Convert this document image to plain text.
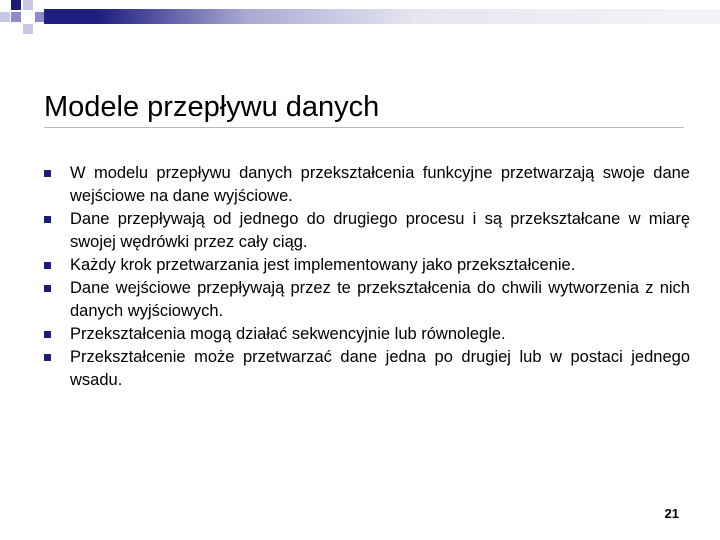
Modele przepływu danych
W modelu przepływu danych przekształcenia funkcyjne przetwarzają swoje dane wejściowe na dane wyjściowe.
Dane przepływają od jednego do drugiego procesu i są przekształcane w miarę swojej wędrówki przez cały ciąg.
Każdy krok przetwarzania jest implementowany jako przekształcenie.
Dane wejściowe przepływają przez te przekształcenia do chwili wytworzenia z nich danych wyjściowych.
Przekształcenia mogą działać sekwencyjnie lub równolegle.
Przekształcenie może przetwarzać dane jedna po drugiej lub w postaci jednego wsadu.
21
